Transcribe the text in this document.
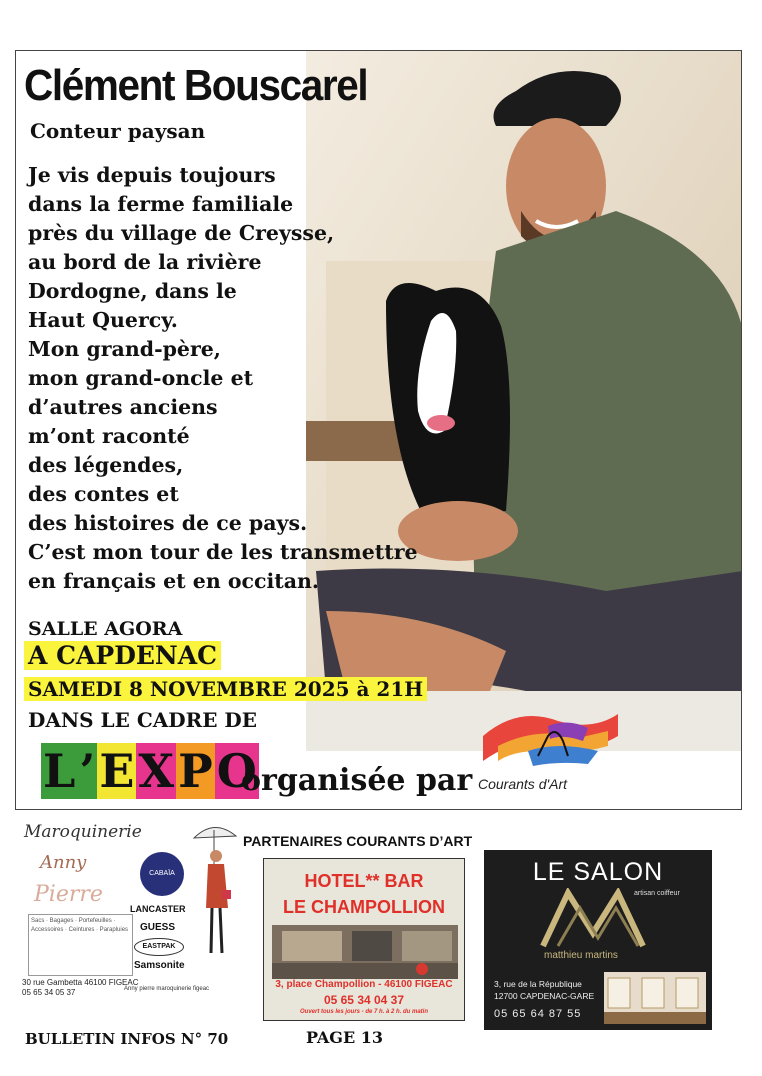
Clément Bouscarel
Conteur paysan
Je vis depuis toujours
dans la ferme familiale
près du village de Creysse,
au bord de la rivière
Dordogne, dans le
Haut Quercy.
Mon grand-père,
mon grand-oncle et
d’autres anciens
m’ont raconté
des légendes,
des contes et
des histoires de ce pays.
C’est mon tour de les transmettre
en français et en occitan.
SALLE AGORA
A CAPDENAC
SAMEDI 8 NOVEMBRE 2025 à 21H
DANS LE CADRE DE
L ’ E X P O
organisée par Courants d'Art
PARTENAIRES COURANTS D’ART
Maroquinerie
Anny
Pierre
Sacs · Bagages · Portefeuilles · Accessoires · Ceintures · Parapluies
CABAÏA
LANCASTER
GUESS
EASTPAK
Samsonite
30 rue Gambetta 46100 FIGEAC
05 65 34 05 37	Anny pierre maroquinerie figeac
HOTEL** BAR
LE CHAMPOLLION
3, place Champollion - 46100 FIGEAC
05 65 34 04 37
Ouvert tous les jours - de 7 h. à 2 h. du matin
LE SALON
artisan coiffeur
matthieu martins
3, rue de la République
12700 CAPDENAC-GARE
05 65 64 87 55
BULLETIN INFOS N° 70	PAGE 13
